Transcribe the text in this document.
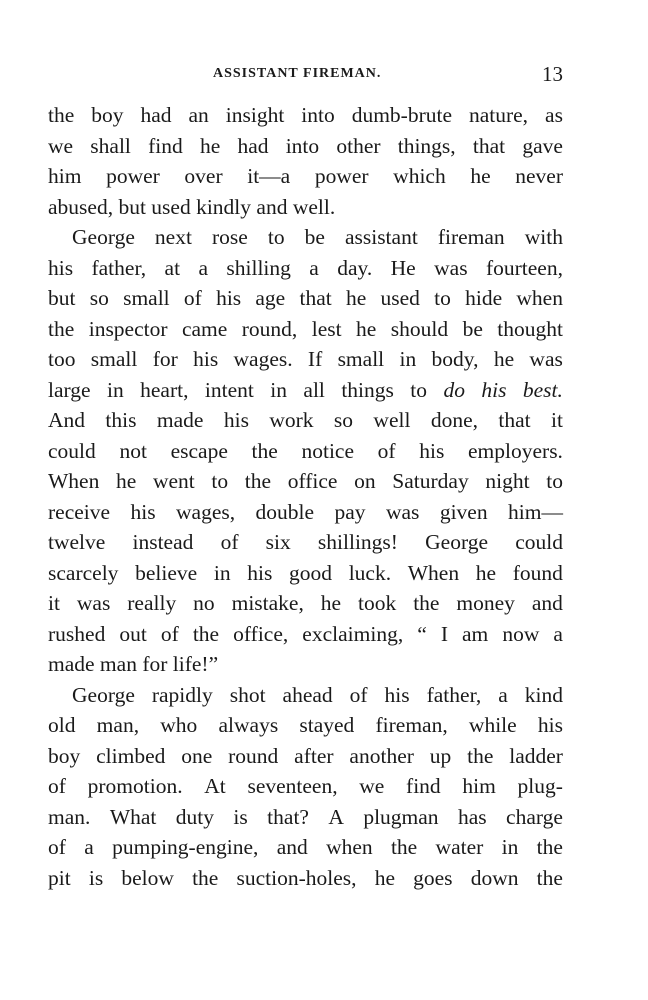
ASSISTANT FIREMAN.	13
the boy had an insight into dumb-brute nature, as
we shall find he had into other things, that gave
him power over it—a power which he never
abused, but used kindly and well.
George next rose to be assistant fireman with
his father, at a shilling a day. He was fourteen,
but so small of his age that he used to hide when
the inspector came round, lest he should be thought
too small for his wages. If small in body, he was
large in heart, intent in all things to do his best.
And this made his work so well done, that it
could not escape the notice of his employers.
When he went to the office on Saturday night to
receive his wages, double pay was given him—
twelve instead of six shillings! George could
scarcely believe in his good luck. When he found
it was really no mistake, he took the money and
rushed out of the office, exclaiming, “ I am now a
made man for life!”
George rapidly shot ahead of his father, a kind
old man, who always stayed fireman, while his
boy climbed one round after another up the ladder
of promotion. At seventeen, we find him plug-
man. What duty is that? A plugman has charge
of a pumping-engine, and when the water in the
pit is below the suction-holes, he goes down the
